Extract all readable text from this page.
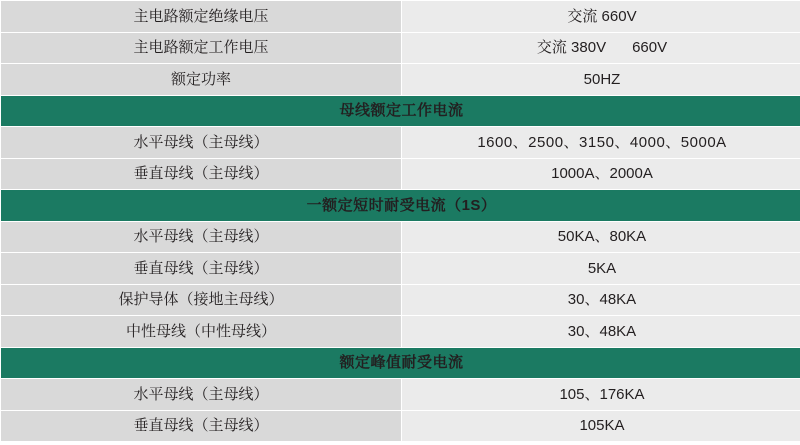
主电路额定绝缘电压	交流 660V
主电路额定工作电压	交流 380V 660V
额定功率	50HZ
母线额定工作电流	
水平母线（主母线）	1600、2500、3150、4000、5000A
垂直母线（主母线）	1000A、2000A
一额定短时耐受电流（1S）	
水平母线（主母线）	50KA、80KA
垂直母线（主母线）	5KA
保护导体（接地主母线）	30、48KA
中性母线（中性母线）	30、48KA
额定峰值耐受电流	
水平母线（主母线）	105、176KA
垂直母线（主母线）	105KA
